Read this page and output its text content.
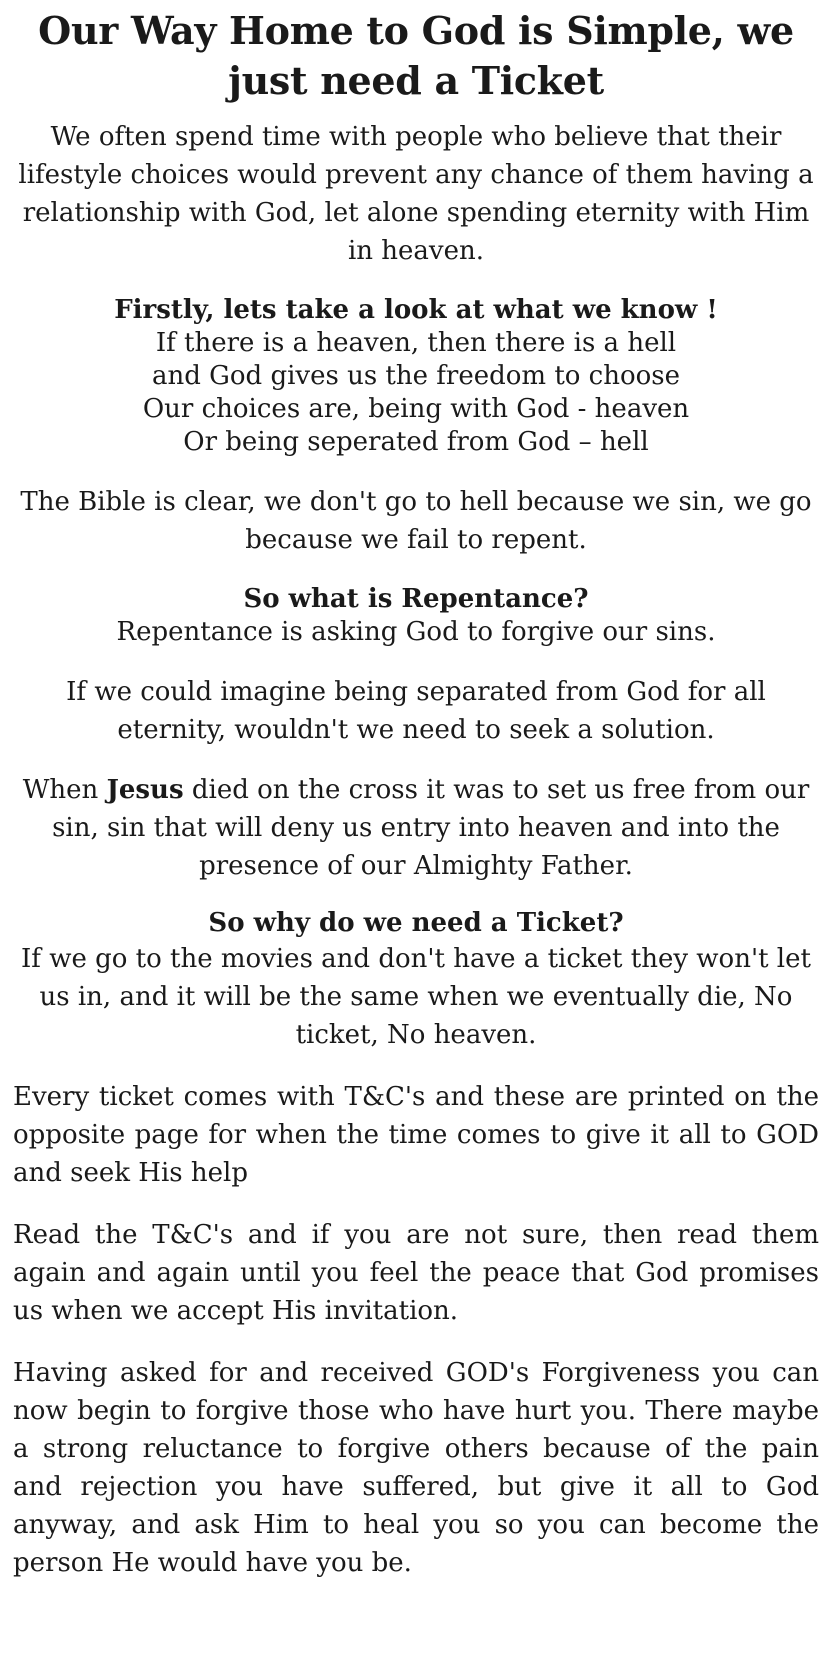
Our Way Home to God is Simple, we just need a Ticket

We often spend time with people who believe that their lifestyle choices would prevent any chance of them having a relationship with God, let alone spending eternity with Him in heaven.

Firstly, lets take a look at what we know !

If there is a heaven, then there is a hell

and God gives us the freedom to choose

Our choices are, being with God - heaven

Or being seperated from God – hell

The Bible is clear, we don't go to hell because we sin, we go because we fail to repent.

So what is Repentance?

Repentance is asking God to forgive our sins.

If we could imagine being separated from God for all eternity, wouldn't we need to seek a solution.

When Jesus died on the cross it was to set us free from our sin, sin that will deny us entry into heaven and into the presence of our Almighty Father.

So why do we need a Ticket?

If we go to the movies and don't have a ticket they won't let us in, and it will be the same when we eventually die, No ticket, No heaven.

Every ticket comes with T&C's and these are printed on the opposite page for when the time comes to give it all to GOD and seek His help

Read the T&C's and if you are not sure, then read them again and again until you feel the peace that God promises us when we accept His invitation.

Having asked for and received GOD's Forgiveness you can now begin to forgive those who have hurt you. There maybe a strong reluctance to forgive others because of the pain and rejection you have suffered, but give it all to God anyway, and ask Him to heal you so you can become the person He would have you be.
